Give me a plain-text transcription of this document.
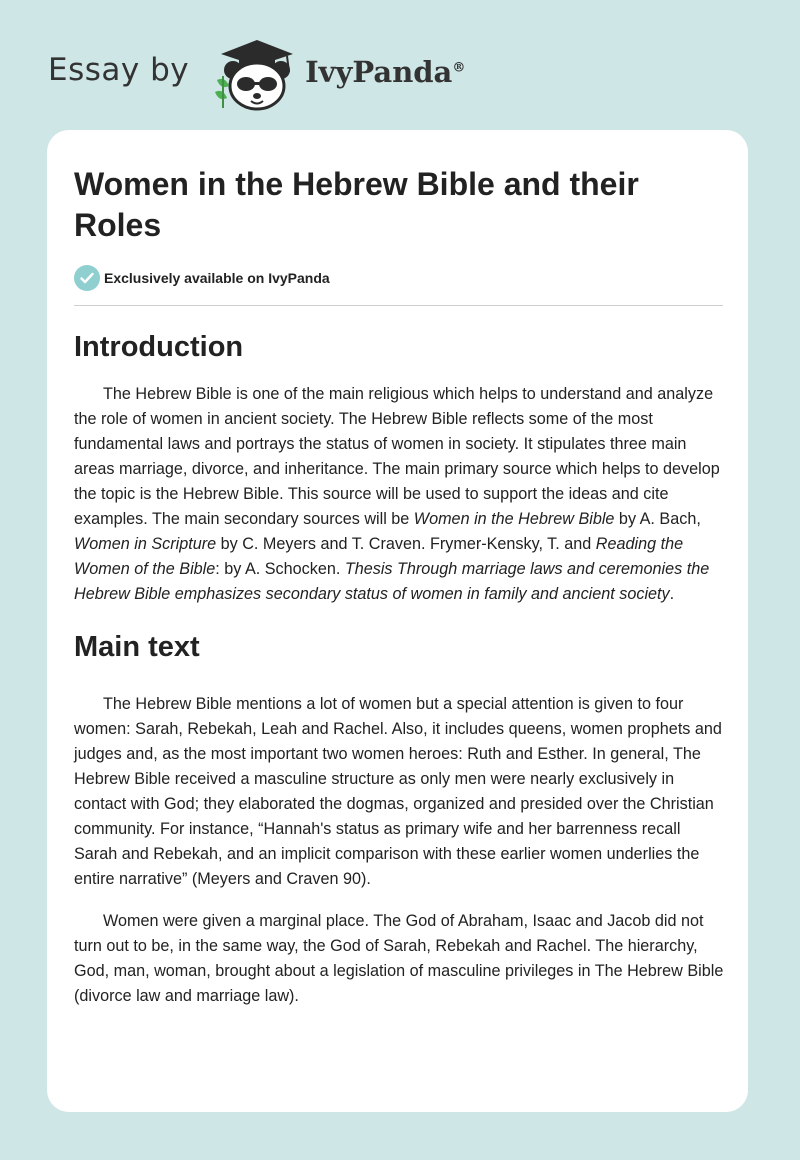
Essay by	IvyPanda®
Women in the Hebrew Bible and their Roles
Exclusively available on IvyPanda
Introduction

The Hebrew Bible is one of the main religious which helps to understand and analyze the role of women in ancient society. The Hebrew Bible reflects some of the most fundamental laws and portrays the status of women in society. It stipulates three main areas marriage, divorce, and inheritance. The main primary source which helps to develop the topic is the Hebrew Bible. This source will be used to support the ideas and cite examples. The main secondary sources will be Women in the Hebrew Bible by A. Bach, Women in Scripture by C. Meyers and T. Craven. Frymer-Kensky, T. and Reading the Women of the Bible: by A. Schocken. Thesis Through marriage laws and ceremonies the Hebrew Bible emphasizes secondary status of women in family and ancient society.

Main text

The Hebrew Bible mentions a lot of women but a special attention is given to four women: Sarah, Rebekah, Leah and Rachel. Also, it includes queens, women prophets and judges and, as the most important two women heroes: Ruth and Esther. In general, The Hebrew Bible received a masculine structure as only men were nearly exclusively in contact with God; they elaborated the dogmas, organized and presided over the Christian community. For instance, “Hannah's status as primary wife and her barrenness recall Sarah and Rebekah, and an implicit comparison with these earlier women underlies the entire narrative” (Meyers and Craven 90).

Women were given a marginal place. The God of Abraham, Isaac and Jacob did not turn out to be, in the same way, the God of Sarah, Rebekah and Rachel. The hierarchy, God, man, woman, brought about a legislation of masculine privileges in The Hebrew Bible (divorce law and marriage law).
